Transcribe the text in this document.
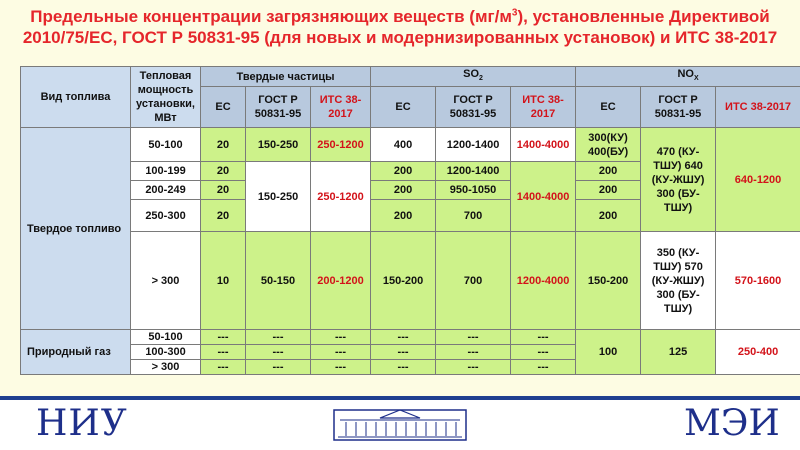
Предельные концентрации загрязняющих веществ $(мг/м^3)$, установленные Директивой
2010/75/ЕС, ГОСТ Р 50831-95 (для новых и модернизированных установок) и ИТС 38-2017
Вид топлива	Тепловая мощность установки, МВт	Твердые частицы			$SO_2$			$NO_X$
		ЕС	ГОСТ Р 50831-95	ИТС 38-2017	ЕС	ГОСТ Р 50831-95	ИТС 38-2017	ЕС	ГОСТ Р 50831-95	ИТС 38-2017
Твердое топливо	50-100	20	150-250	250-1200	400	1200-1400	1400-4000	300(КУ) 400(БУ)	470 (КУ-ТШУ) 640 (КУ-ЖШУ) 300 (БУ-ТШУ)	640-1200
	100-199	20	150-250	250-1200	200	1200-1400	1400-4000	200		
	200-249	20			200	950-1050		200		
	250-300	20			200	700		200		
	> 300	10	50-150	200-1200	150-200	700	1200-4000	150-200	350 (КУ-ТШУ) 570 (КУ-ЖШУ) 300 (БУ-ТШУ)	570-1600
Природный газ	50-100	---	---	---	---	---	---	100	125	250-400
	100-300	---	---	---	---	---	---			
	> 300	---	---	---	---	---	---			
НИУ	МЭИ
